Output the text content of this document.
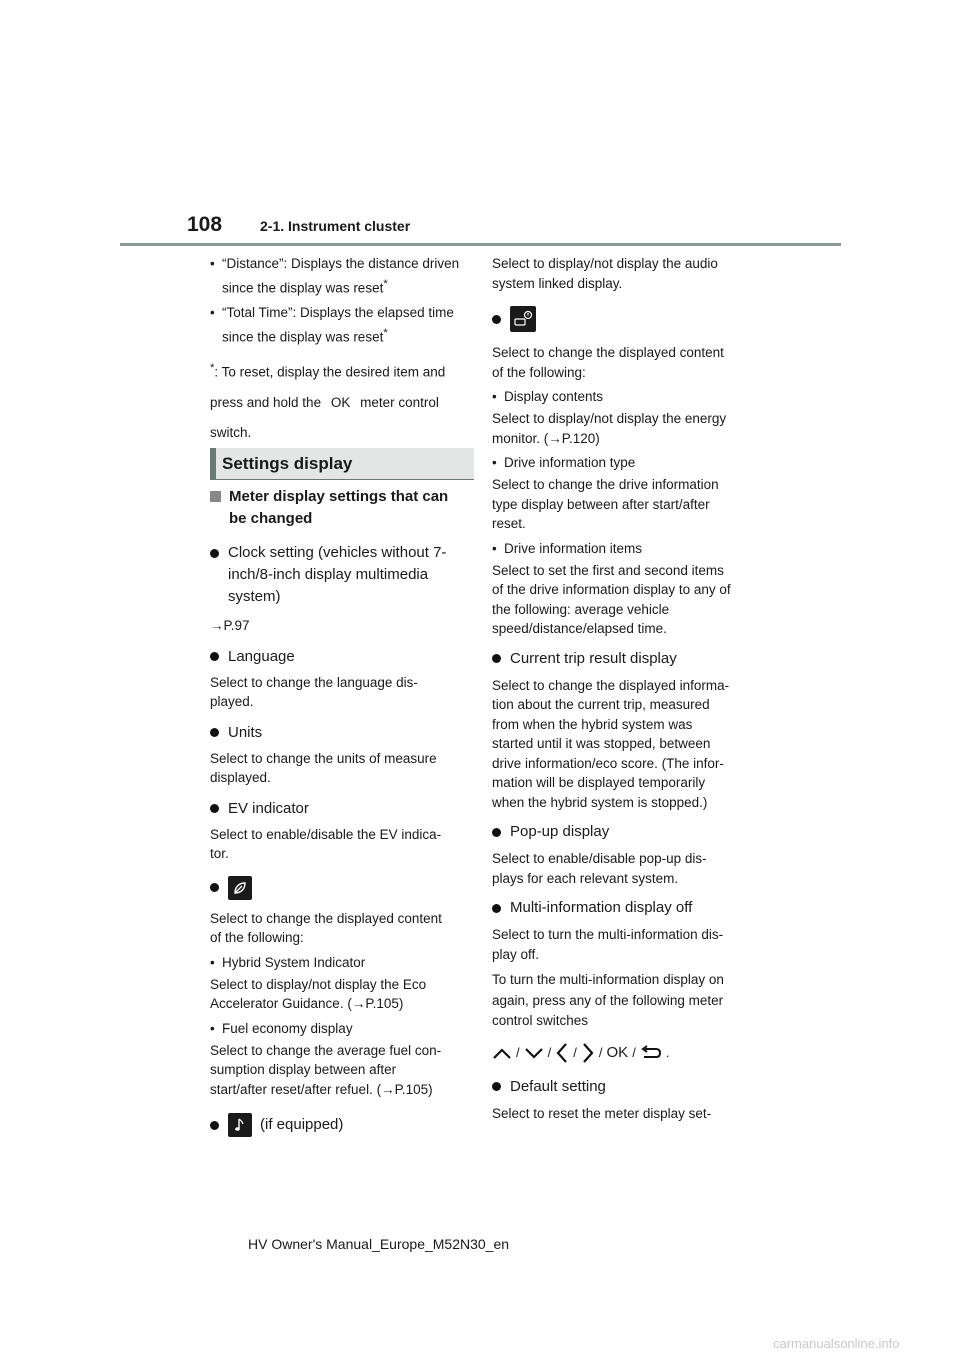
108	2-1. Instrument cluster
• “Distance”: Displays the distance driven since the display was reset*
• “Total Time”: Displays the elapsed time since the display was reset*
*: To reset, display the desired item and
press and hold the OK meter control
switch.
Settings display
Meter display settings that can
be changed
Clock setting (vehicles without 7-
inch/8-inch display multimedia
system)
→P.97
Language
Select to change the language dis-
played.
Units
Select to change the units of measure
displayed.
EV indicator
Select to enable/disable the EV indica-
tor.
Select to change the displayed content
of the following:
• Hybrid System Indicator
Select to display/not display the Eco
Accelerator Guidance. (→P.105)
• Fuel economy display
Select to change the average fuel con-
sumption display between after
start/after reset/after refuel. (→P.105)
(if equipped)
Select to display/not display the audio
system linked display.
Select to change the displayed content
of the following:
• Display contents
Select to display/not display the energy
monitor. (→P.120)
• Drive information type
Select to change the drive information
type display between after start/after
reset.
• Drive information items
Select to set the first and second items
of the drive information display to any of
the following: average vehicle
speed/distance/elapsed time.
Current trip result display
Select to change the displayed informa-
tion about the current trip, measured
from when the hybrid system was
started until it was stopped, between
drive information/eco score. (The infor-
mation will be displayed temporarily
when the hybrid system is stopped.)
Pop-up display
Select to enable/disable pop-up dis-
plays for each relevant system.
Multi-information display off
Select to turn the multi-information dis-
play off.
To turn the multi-information display on
again, press any of the following meter
control switches
/ / / / OK / .
Default setting
Select to reset the meter display set-
HV Owner's Manual_Europe_M52N30_en
carmanualsonline.info
